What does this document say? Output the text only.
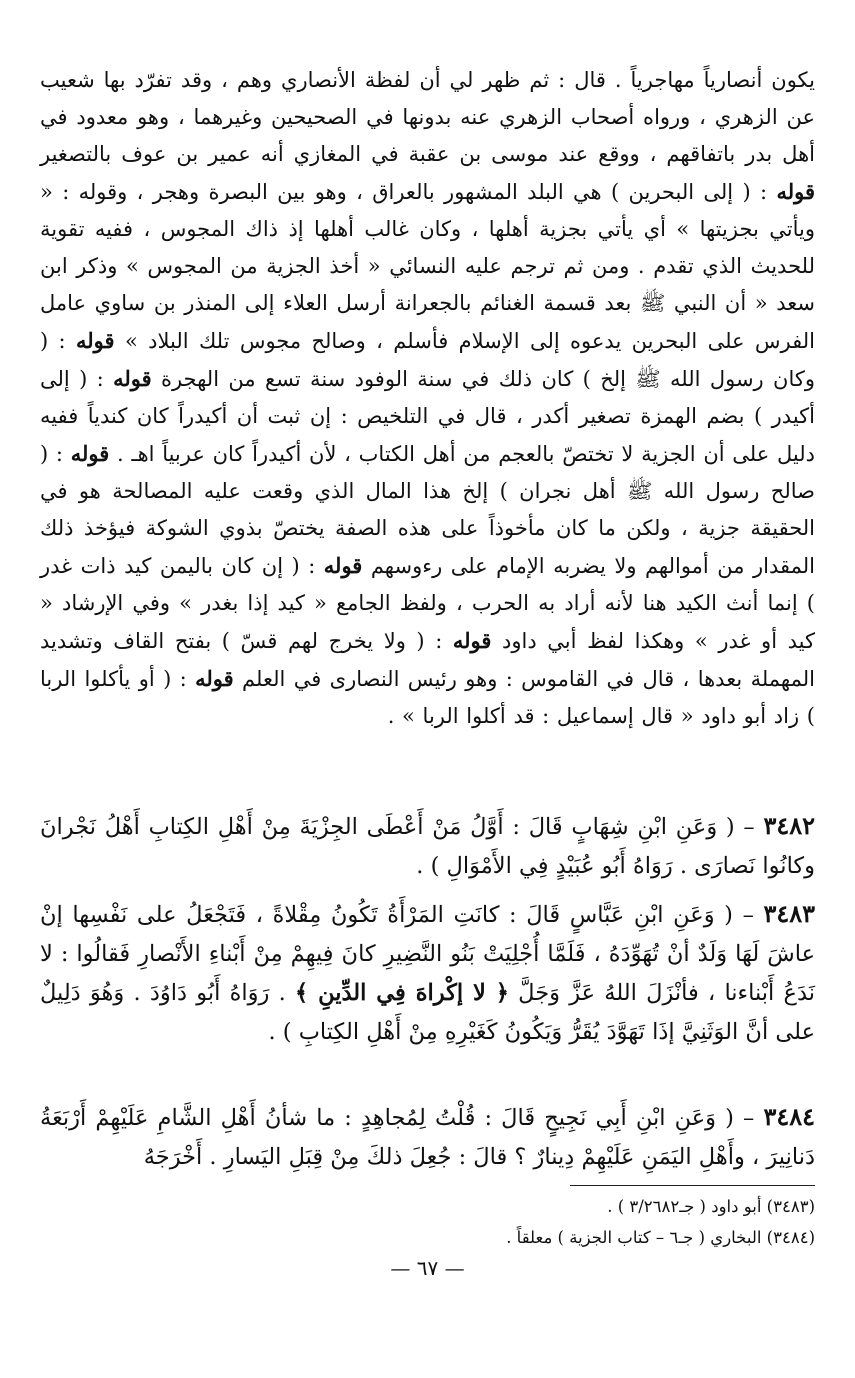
يكون أنصارياً مهاجرياً . قال : ثم ظهر لي أن لفظة الأنصاري وهم ، وقد تفرّد بها شعيب عن الزهري ، ورواه أصحاب الزهري عنه بدونها في الصحيحين وغيرهما ، وهو معدود في أهل بدر باتفاقهم ، ووقع عند موسى بن عقبة في المغازي أنه عمير بن عوف بالتصغير قوله : ( إلى البحرين ) هي البلد المشهور بالعراق ، وهو بين البصرة وهجر ، وقوله : « ويأتي بجزيتها » أي يأتي بجزية أهلها ، وكان غالب أهلها إذ ذاك المجوس ، ففيه تقوية للحديث الذي تقدم . ومن ثم ترجم عليه النسائي « أخذ الجزية من المجوس » وذكر ابن سعد « أن النبي ﷺ بعد قسمة الغنائم بالجعرانة أرسل العلاء إلى المنذر بن ساوي عامل الفرس على البحرين يدعوه إلى الإسلام فأسلم ، وصالح مجوس تلك البلاد » قوله : ( وكان رسول الله ﷺ إلخ ) كان ذلك في سنة الوفود سنة تسع من الهجرة قوله : ( إلى أكيدر ) بضم الهمزة تصغير أكدر ، قال في التلخيص : إن ثبت أن أكيدراً كان كندياً ففيه دليل على أن الجزية لا تختصّ بالعجم من أهل الكتاب ، لأن أكيدراً كان عربياً اهـ . قوله : ( صالح رسول الله ﷺ أهل نجران ) إلخ هذا المال الذي وقعت عليه المصالحة هو في الحقيقة جزية ، ولكن ما كان مأخوذاً على هذه الصفة يختصّ بذوي الشوكة فيؤخذ ذلك المقدار من أموالهم ولا يضربه الإمام على رءوسهم قوله : ( إن كان باليمن كيد ذات غدر ) إنما أنث الكيد هنا لأنه أراد به الحرب ، ولفظ الجامع « كيد إذا بغدر » وفي الإرشاد « كيد أو غدر » وهكذا لفظ أبي داود قوله : ( ولا يخرج لهم قسّ ) بفتح القاف وتشديد المهملة بعدها ، قال في القاموس : وهو رئيس النصارى في العلم قوله : ( أو يأكلوا الربا ) زاد أبو داود « قال إسماعيل : قد أكلوا الربا » .
٣٤٨٢ – ( وَعَنِ ابْنِ شِهَابٍ قَالَ : أَوَّلُ مَنْ أَعْطَى الجِزْيَةَ مِنْ أَهْلِ الكِتابِ أَهْلُ نَجْرانَ وكانُوا نَصارَى . رَوَاهُ أَبُو عُبَيْدٍ فِي الأَمْوَالِ ) .
٣٤٨٣ – ( وَعَنِ ابْنِ عَبَّاسٍ قَالَ : كانَتِ المَرْأَةُ تَكُونُ مِقْلاةً ، فَتَجْعَلُ على نَفْسِها إنْ عاشَ لَهَا وَلَدٌ أنْ تُهَوِّدَهُ ، فَلَمَّا أُجْلِيَتْ بَنُو النَّضِيرِ كانَ فِيهِمْ مِنْ أَبْناءِ الأَنْصارِ فَقالُوا : لا نَدَعُ أَبْناءنا ، فأنْزَلَ اللهُ عَزَّ وَجَلَّ ﴿ لا إكْراهَ فِي الدِّينِ ﴾ . رَوَاهُ أَبُو دَاوُدَ . وَهُوَ دَلِيلٌ على أنَّ الوَثَنِيَّ إذَا تَهَوَّدَ يُقَرُّ وَيَكُونُ كَغَيْرِهِ مِنْ أَهْلِ الكِتابِ ) .
٣٤٨٤ – ( وَعَنِ ابْنِ أَبِي نَجِيحٍ قَالَ : قُلْتُ لِمُجاهِدٍ : ما شأنُ أَهْلِ الشَّامِ عَلَيْهِمْ أَرْبَعَةُ دَنانِيرَ ، وأَهْلِ اليَمَنِ عَلَيْهِمْ دِينارٌ ؟ قالَ : جُعِلَ ذلكَ مِنْ قِبَلِ اليَسارِ . أَخْرَجَهُ
(٣٤٨٣) أبو داود ( جـ٣/٢٦٨٢ ) .
(٣٤٨٤) البخاري ( جـ٦ – كتاب الجزية ) معلقاً .
— ٦٧ —
